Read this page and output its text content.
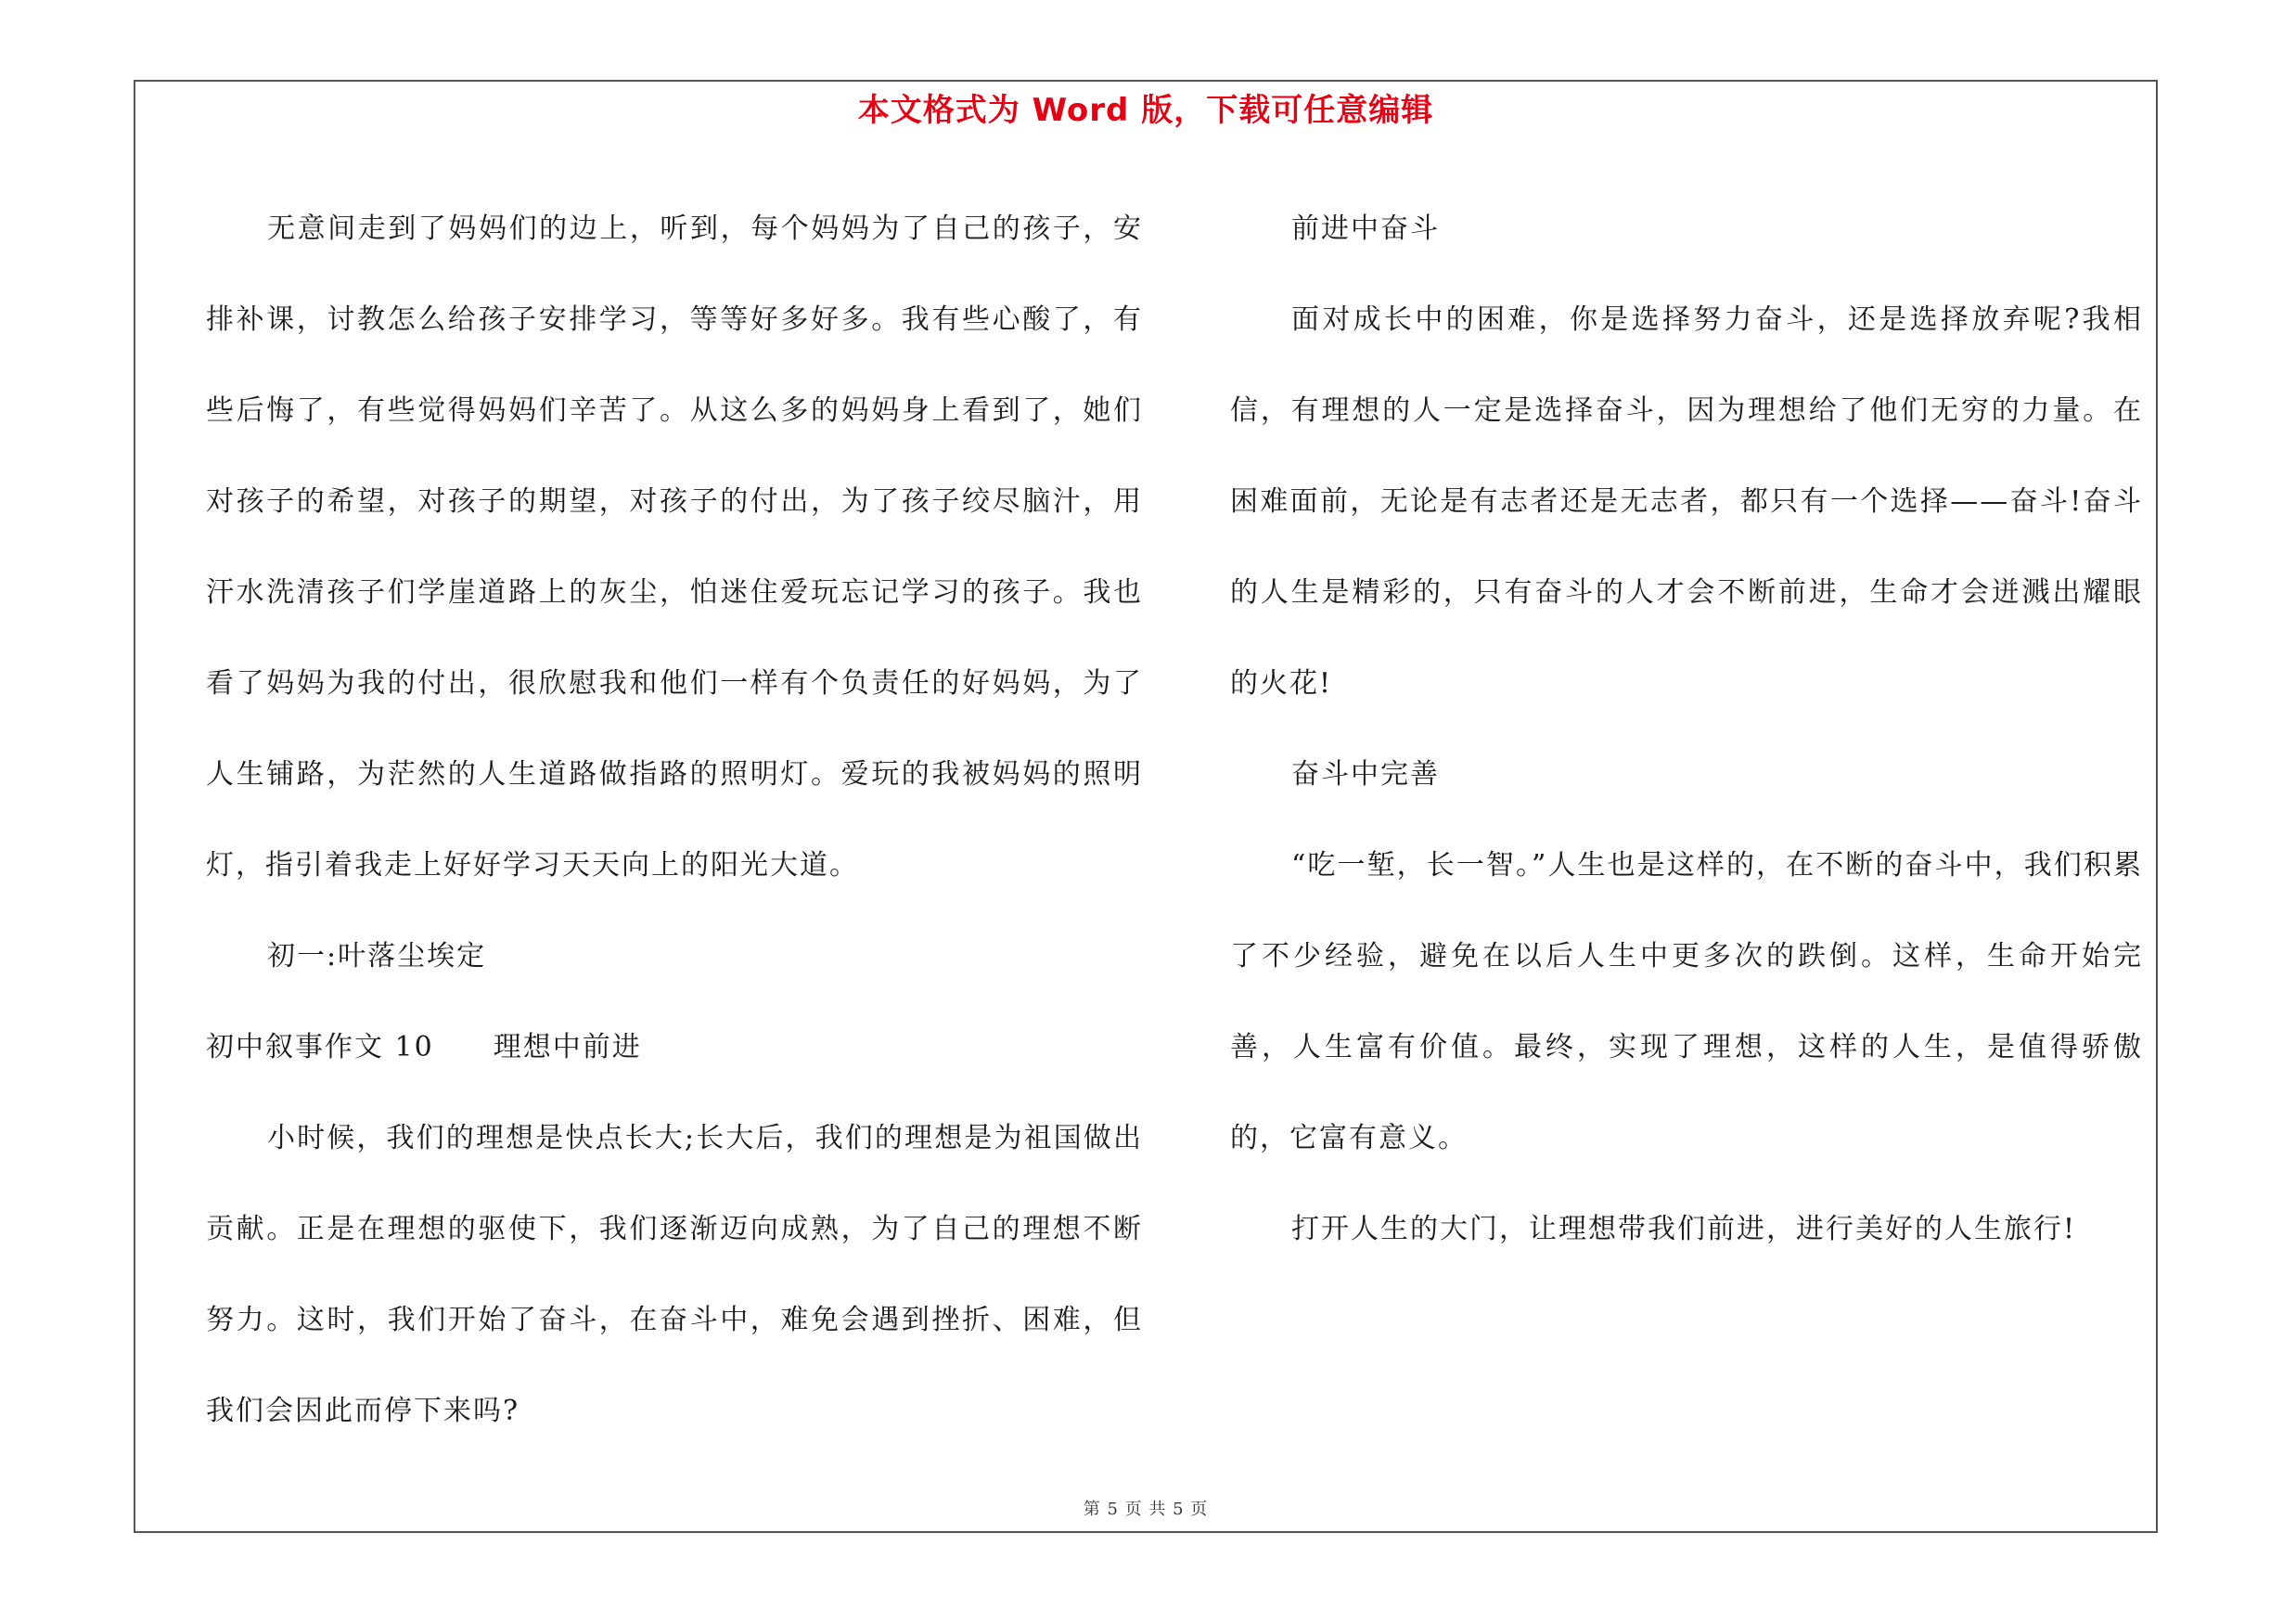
本文格式为 Word 版，下载可任意编辑

无意间走到了妈妈们的边上，听到，每个妈妈为了自己的孩子，安排补课，讨教怎么给孩子安排学习，等等好多好多。我有些心酸了，有些后悔了，有些觉得妈妈们辛苦了。从这么多的妈妈身上看到了，她们对孩子的希望，对孩子的期望，对孩子的付出，为了孩子绞尽脑汁，用汗水洗清孩子们学崖道路上的灰尘，怕迷住爱玩忘记学习的孩子。我也看了妈妈为我的付出，很欣慰我和他们一样有个负责任的好妈妈，为了人生铺路，为茫然的人生道路做指路的照明灯。爱玩的我被妈妈的照明灯，指引着我走上好好学习天天向上的阳光大道。

初一:叶落尘埃定

初中叙事作文 10　　理想中前进

小时候，我们的理想是快点长大;长大后，我们的理想是为祖国做出贡献。正是在理想的驱使下，我们逐渐迈向成熟，为了自己的理想不断努力。这时，我们开始了奋斗，在奋斗中，难免会遇到挫折、困难，但我们会因此而停下来吗?

前进中奋斗

面对成长中的困难，你是选择努力奋斗，还是选择放弃呢?我相信，有理想的人一定是选择奋斗，因为理想给了他们无穷的力量。在困难面前，无论是有志者还是无志者，都只有一个选择——奋斗!奋斗的人生是精彩的，只有奋斗的人才会不断前进，生命才会迸溅出耀眼的火花!

奋斗中完善

“吃一堑，长一智。”人生也是这样的，在不断的奋斗中，我们积累了不少经验，避免在以后人生中更多次的跌倒。这样，生命开始完善，人生富有价值。最终，实现了理想，这样的人生，是值得骄傲的，它富有意义。

打开人生的大门，让理想带我们前进，进行美好的人生旅行!

第 5 页 共 5 页
